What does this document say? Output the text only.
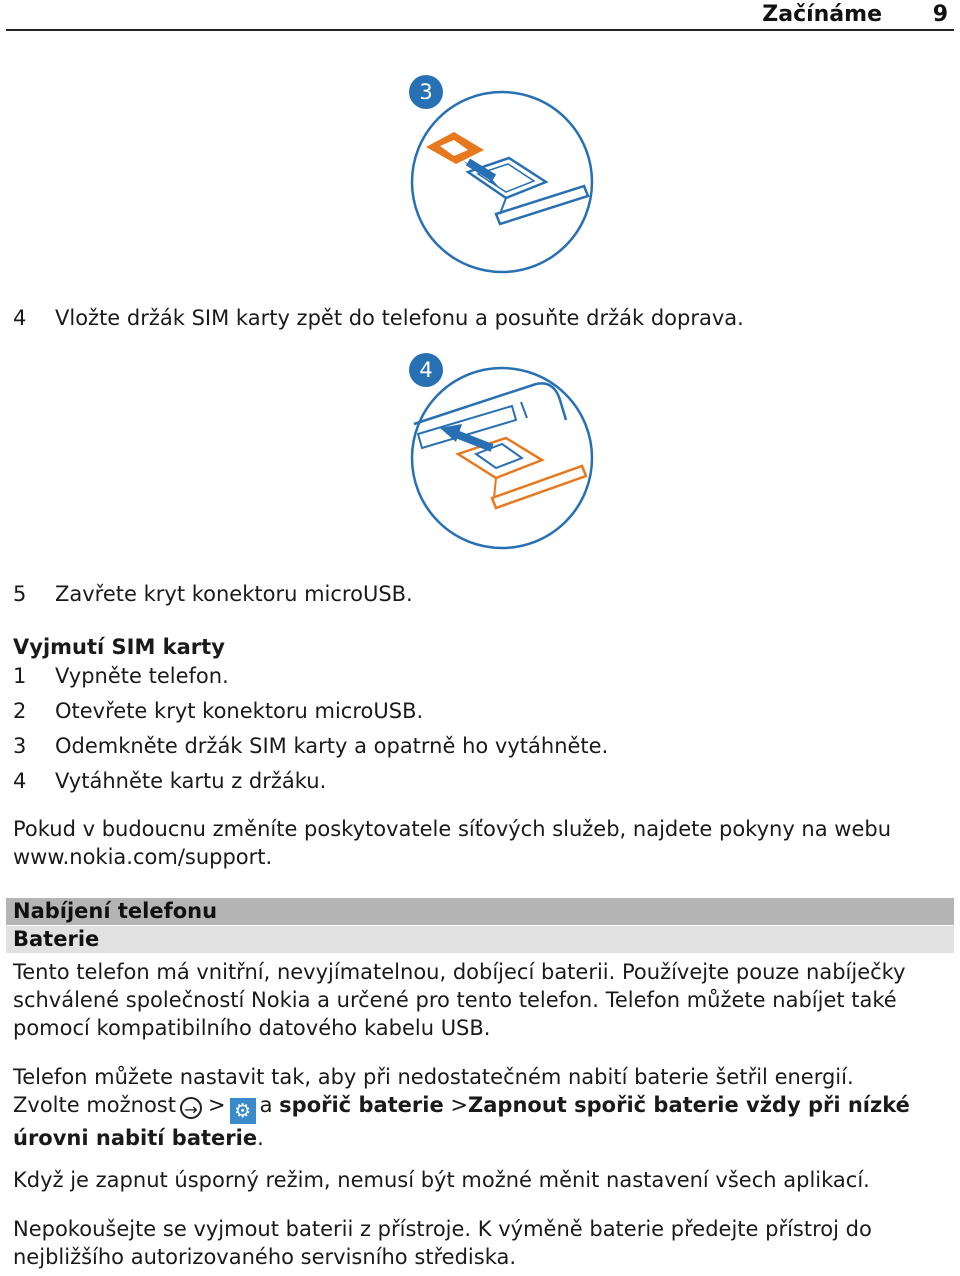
Začínáme 9
3
4 Vložte držák SIM karty zpět do telefonu a posuňte držák doprava.
4
5 Zavřete kryt konektoru microUSB.
Vyjmutí SIM karty
1 Vypněte telefon.
2 Otevřete kryt konektoru microUSB.
3 Odemkněte držák SIM karty a opatrně ho vytáhněte.
4 Vytáhněte kartu z držáku.
Pokud v budoucnu změníte poskytovatele síťových služeb, najdete pokyny na webu
www.nokia.com/support.
Nabíjení telefonu
Baterie
Tento telefon má vnitřní, nevyjímatelnou, dobíjecí baterii. Používejte pouze nabíječky
schválené společností Nokia a určené pro tento telefon. Telefon můžete nabíjet také
pomocí kompatibilního datového kabelu USB.
Telefon můžete nastavit tak, aby při nedostatečném nabití baterie šetřil energií.
Zvolte možnost → > ⚙ a spořič baterie >Zapnout spořič baterie vždy při nízké
úrovni nabití baterie.
Když je zapnut úsporný režim, nemusí být možné měnit nastavení všech aplikací.
Nepokoušejte se vyjmout baterii z přístroje. K výměně baterie předejte přístroj do
nejbližšího autorizovaného servisního střediska.
